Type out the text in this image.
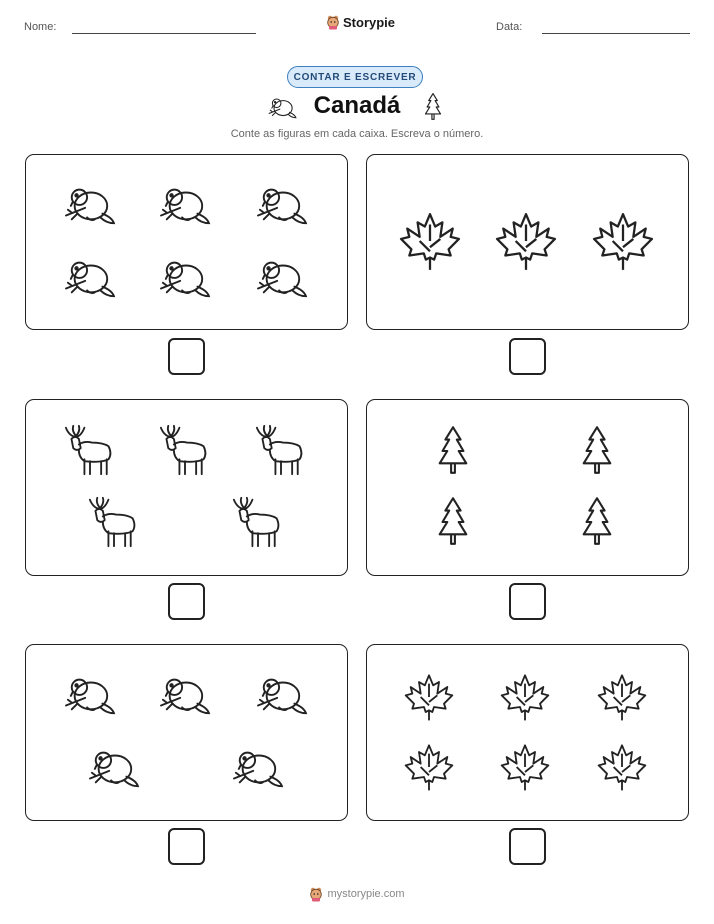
Nome:	Storypie	Data:
CONTAR E ESCREVER
Canadá
Conte as figuras em cada caixa. Escreva o número.
mystorypie.com
